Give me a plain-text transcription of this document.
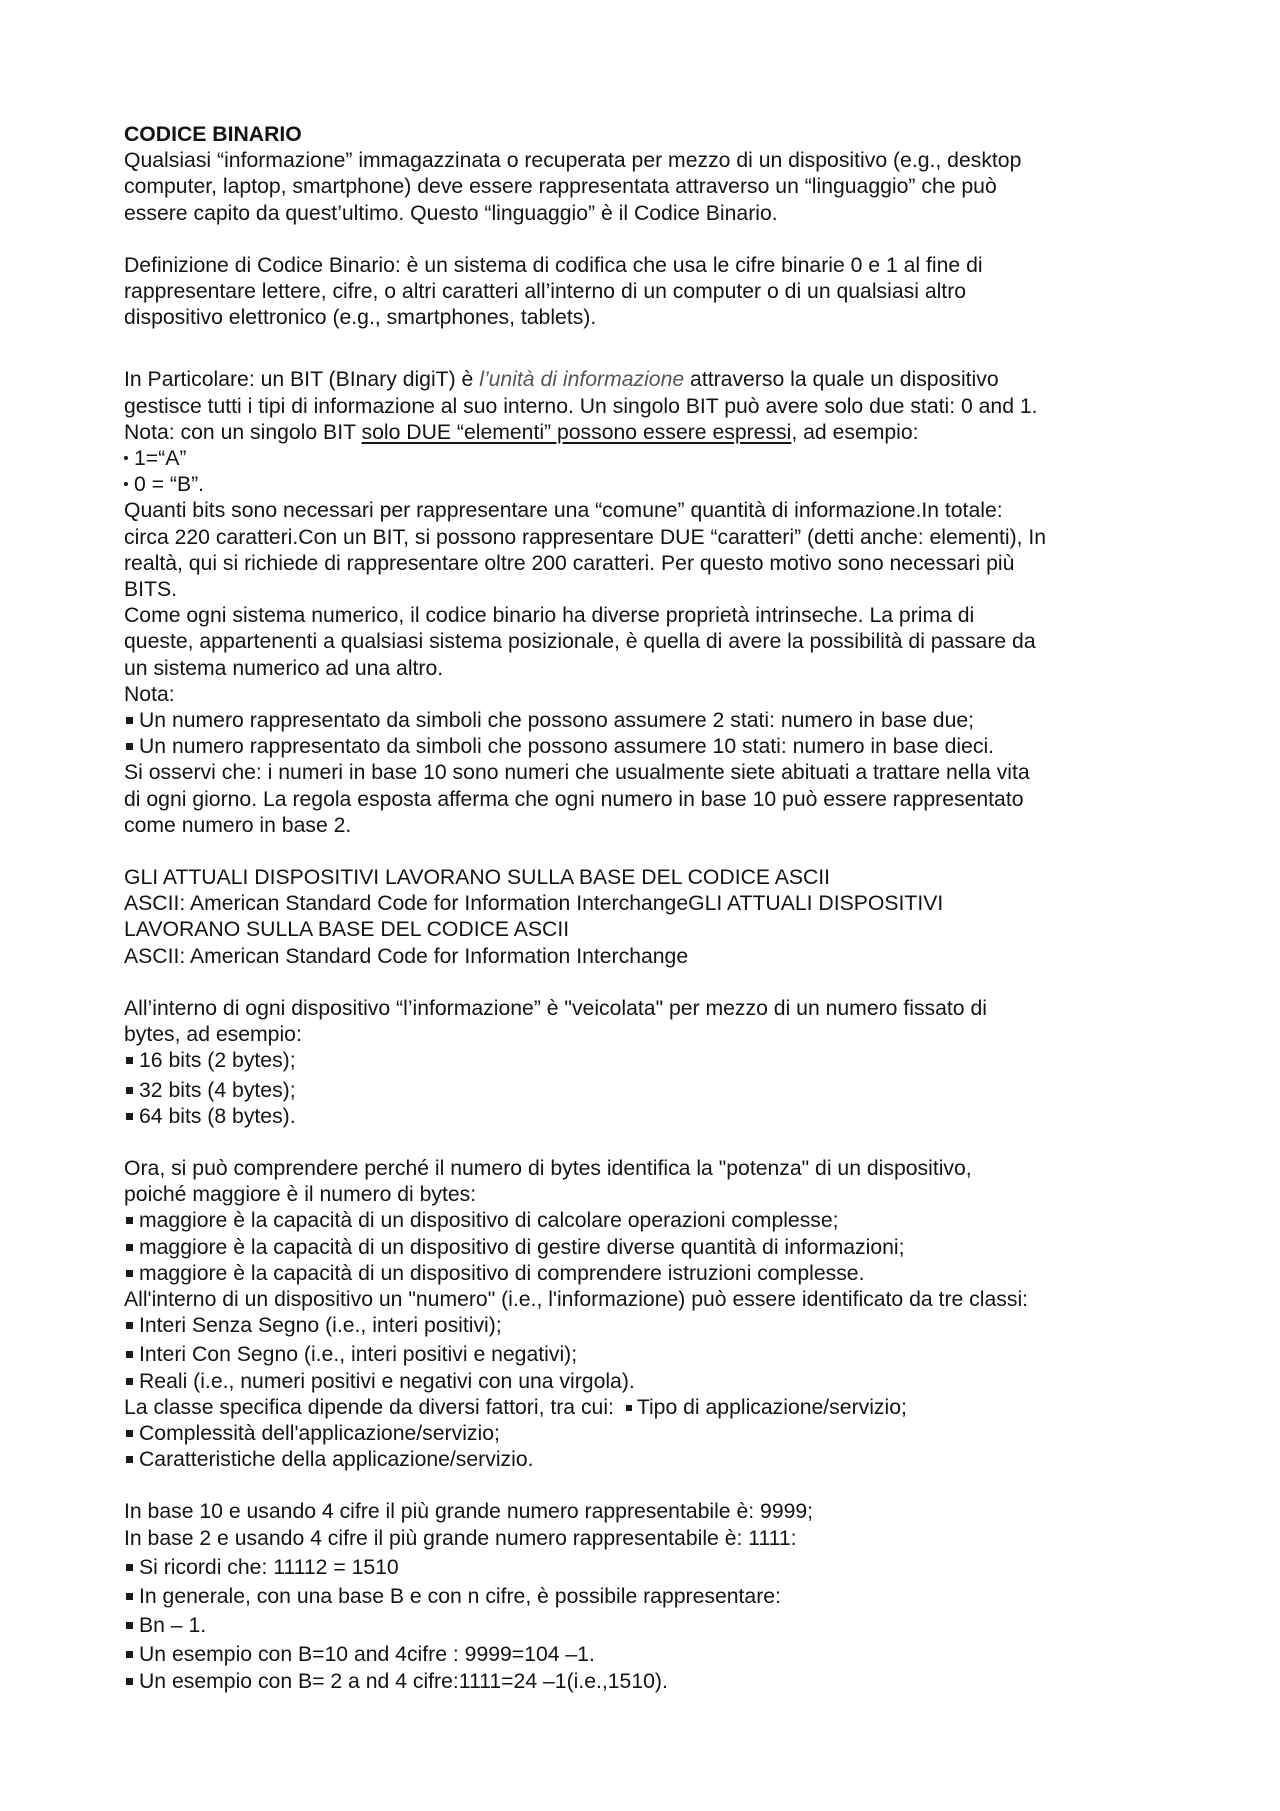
CODICE BINARIO
Qualsiasi “informazione” immagazzinata o recuperata per mezzo di un dispositivo (e.g., desktop
computer, laptop, smartphone) deve essere rappresentata attraverso un “linguaggio” che può
essere capito da quest’ultimo. Questo “linguaggio” è il Codice Binario.
Definizione di Codice Binario: è un sistema di codifica che usa le cifre binarie 0 e 1 al fine di
rappresentare lettere, cifre, o altri caratteri all’interno di un computer o di un qualsiasi altro
dispositivo elettronico (e.g., smartphones, tablets).
In Particolare: un BIT (BInary digiT) è l’unità di informazione attraverso la quale un dispositivo
gestisce tutti i tipi di informazione al suo interno. Un singolo BIT può avere solo due stati: 0 and 1.
Nota: con un singolo BIT solo DUE “elementi” possono essere espressi, ad esempio:
1=“A”
0 = “B”.
Quanti bits sono necessari per rappresentare una “comune” quantità di informazione.In totale:
circa 220 caratteri.Con un BIT, si possono rappresentare DUE “caratteri” (detti anche: elementi), In
realtà, qui si richiede di rappresentare oltre 200 caratteri. Per questo motivo sono necessari più
BITS.
Come ogni sistema numerico, il codice binario ha diverse proprietà intrinseche. La prima di
queste, appartenenti a qualsiasi sistema posizionale, è quella di avere la possibilità di passare da
un sistema numerico ad una altro.
Nota:
Un numero rappresentato da simboli che possono assumere 2 stati: numero in base due;
Un numero rappresentato da simboli che possono assumere 10 stati: numero in base dieci.
Si osservi che: i numeri in base 10 sono numeri che usualmente siete abituati a trattare nella vita
di ogni giorno. La regola esposta afferma che ogni numero in base 10 può essere rappresentato
come numero in base 2.
GLI ATTUALI DISPOSITIVI LAVORANO SULLA BASE DEL CODICE ASCII
ASCII: American Standard Code for Information InterchangeGLI ATTUALI DISPOSITIVI
LAVORANO SULLA BASE DEL CODICE ASCII
ASCII: American Standard Code for Information Interchange
All’interno di ogni dispositivo “l’informazione” è "veicolata" per mezzo di un numero fissato di
bytes, ad esempio:
16 bits (2 bytes);
32 bits (4 bytes);
64 bits (8 bytes).
Ora, si può comprendere perché il numero di bytes identifica la "potenza" di un dispositivo,
poiché maggiore è il numero di bytes:
maggiore è la capacità di un dispositivo di calcolare operazioni complesse;
maggiore è la capacità di un dispositivo di gestire diverse quantità di informazioni;
maggiore è la capacità di un dispositivo di comprendere istruzioni complesse.
All'interno di un dispositivo un "numero" (i.e., l'informazione) può essere identificato da tre classi:
Interi Senza Segno (i.e., interi positivi);
Interi Con Segno (i.e., interi positivi e negativi);
Reali (i.e., numeri positivi e negativi con una virgola).
La classe specifica dipende da diversi fattori, tra cui: Tipo di applicazione/servizio;
Complessità dell'applicazione/servizio;
Caratteristiche della applicazione/servizio.
In base 10 e usando 4 cifre il più grande numero rappresentabile è: 9999;
In base 2 e usando 4 cifre il più grande numero rappresentabile è: 1111:
Si ricordi che: 11112 = 1510
In generale, con una base B e con n cifre, è possibile rappresentare:
Bn – 1.
Un esempio con B=10 and 4cifre : 9999=104 –1.
Un esempio con B= 2 a nd 4 cifre:1111=24 –1(i.e.,1510).
